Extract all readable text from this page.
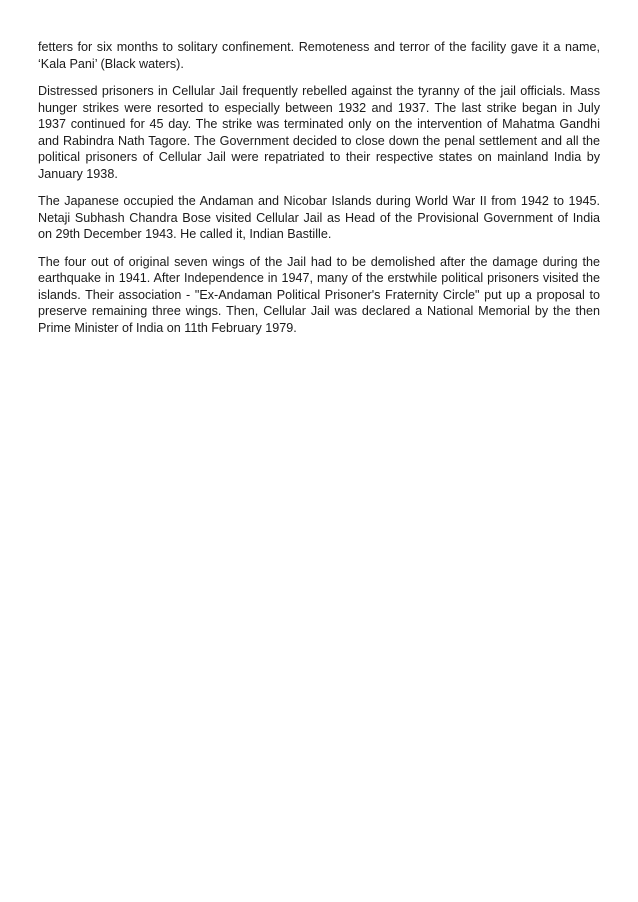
fetters for six months to solitary confinement. Remoteness and terror of the facility gave it a name, ‘Kala Pani’ (Black waters).

Distressed prisoners in Cellular Jail frequently rebelled against the tyranny of the jail officials. Mass hunger strikes were resorted to especially between 1932 and 1937. The last strike began in July 1937 continued for 45 day. The strike was terminated only on the intervention of Mahatma Gandhi and Rabindra Nath Tagore. The Government decided to close down the penal settlement and all the political prisoners of Cellular Jail were repatriated to their respective states on mainland India by January 1938.

The Japanese occupied the Andaman and Nicobar Islands during World War II from 1942 to 1945. Netaji Subhash Chandra Bose visited Cellular Jail as Head of the Provisional Government of India on 29th December 1943. He called it, Indian Bastille.

The four out of original seven wings of the Jail had to be demolished after the damage during the earthquake in 1941. After Independence in 1947, many of the erstwhile political prisoners visited the islands. Their association - "Ex-Andaman Political Prisoner's Fraternity Circle" put up a proposal to preserve remaining three wings. Then, Cellular Jail was declared a National Memorial by the then Prime Minister of India on 11th February 1979.
